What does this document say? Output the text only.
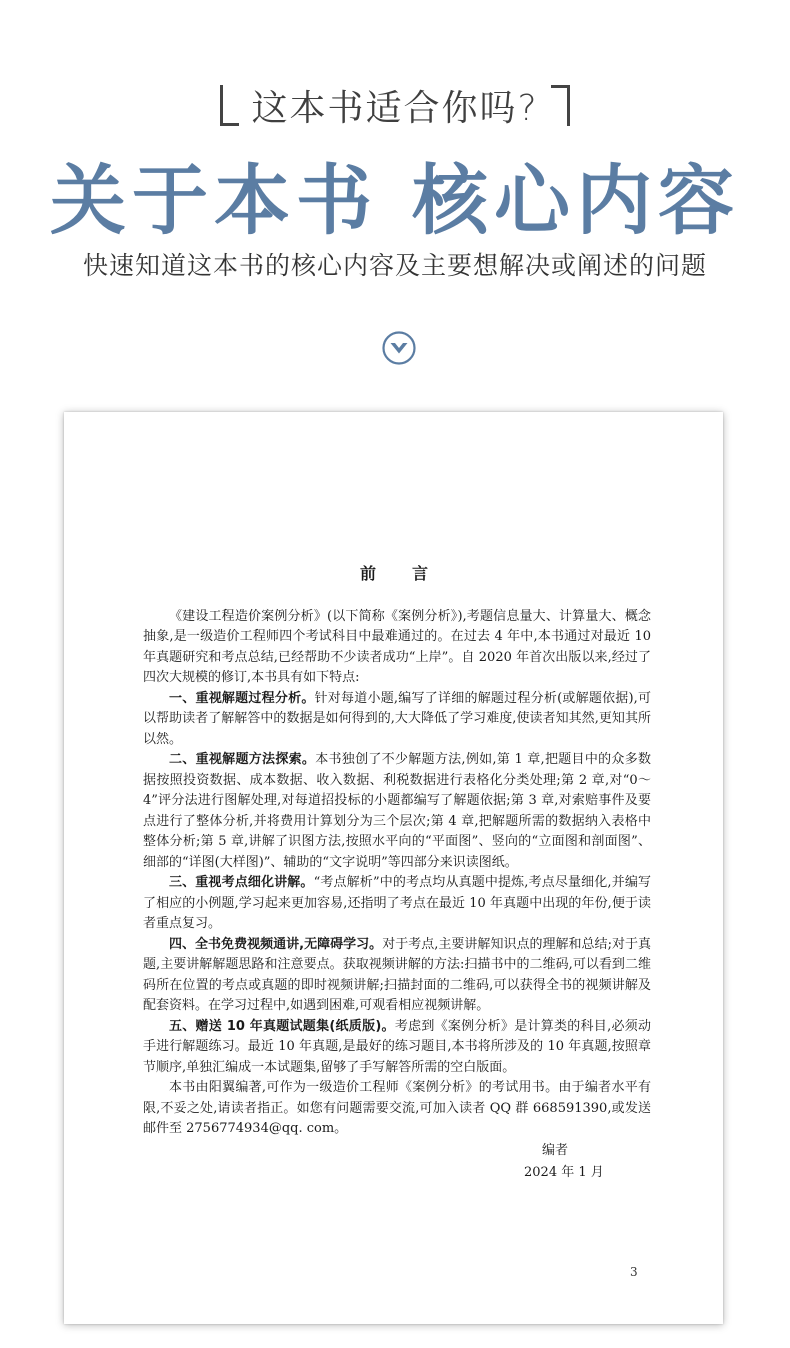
这本书适合你吗?
关于本书 核心内容
快速知道这本书的核心内容及主要想解决或阐述的问题
前言

《建设工程造价案例分析》(以下简称《案例分析》),考题信息量大、计算量大、概念抽象,是一级造价工程师四个考试科目中最难通过的。在过去 4 年中,本书通过对最近 10 年真题研究和考点总结,已经帮助不少读者成功“上岸”。自 2020 年首次出版以来,经过了四次大规模的修订,本书具有如下特点:

一、重视解题过程分析。针对每道小题,编写了详细的解题过程分析(或解题依据),可以帮助读者了解解答中的数据是如何得到的,大大降低了学习难度,使读者知其然,更知其所以然。

二、重视解题方法探索。本书独创了不少解题方法,例如,第 1 章,把题目中的众多数据按照投资数据、成本数据、收入数据、利税数据进行表格化分类处理;第 2 章,对“0～4”评分法进行图解处理,对每道招投标的小题都编写了解题依据;第 3 章,对索赔事件及要点进行了整体分析,并将费用计算划分为三个层次;第 4 章,把解题所需的数据纳入表格中整体分析;第 5 章,讲解了识图方法,按照水平向的“平面图”、竖向的“立面图和剖面图”、细部的“详图(大样图)”、辅助的“文字说明”等四部分来识读图纸。

三、重视考点细化讲解。“考点解析”中的考点均从真题中提炼,考点尽量细化,并编写了相应的小例题,学习起来更加容易,还指明了考点在最近 10 年真题中出现的年份,便于读者重点复习。

四、全书免费视频通讲,无障碍学习。对于考点,主要讲解知识点的理解和总结;对于真题,主要讲解解题思路和注意要点。获取视频讲解的方法:扫描书中的二维码,可以看到二维码所在位置的考点或真题的即时视频讲解;扫描封面的二维码,可以获得全书的视频讲解及配套资料。在学习过程中,如遇到困难,可观看相应视频讲解。

五、赠送 10 年真题试题集(纸质版)。考虑到《案例分析》是计算类的科目,必须动手进行解题练习。最近 10 年真题,是最好的练习题目,本书将所涉及的 10 年真题,按照章节顺序,单独汇编成一本试题集,留够了手写解答所需的空白版面。

本书由阳翼编著,可作为一级造价工程师《案例分析》的考试用书。由于编者水平有限,不妥之处,请读者指正。如您有问题需要交流,可加入读者 QQ 群 668591390,或发送邮件至 2756774934@qq. com。

编者
2024 年 1 月
3
